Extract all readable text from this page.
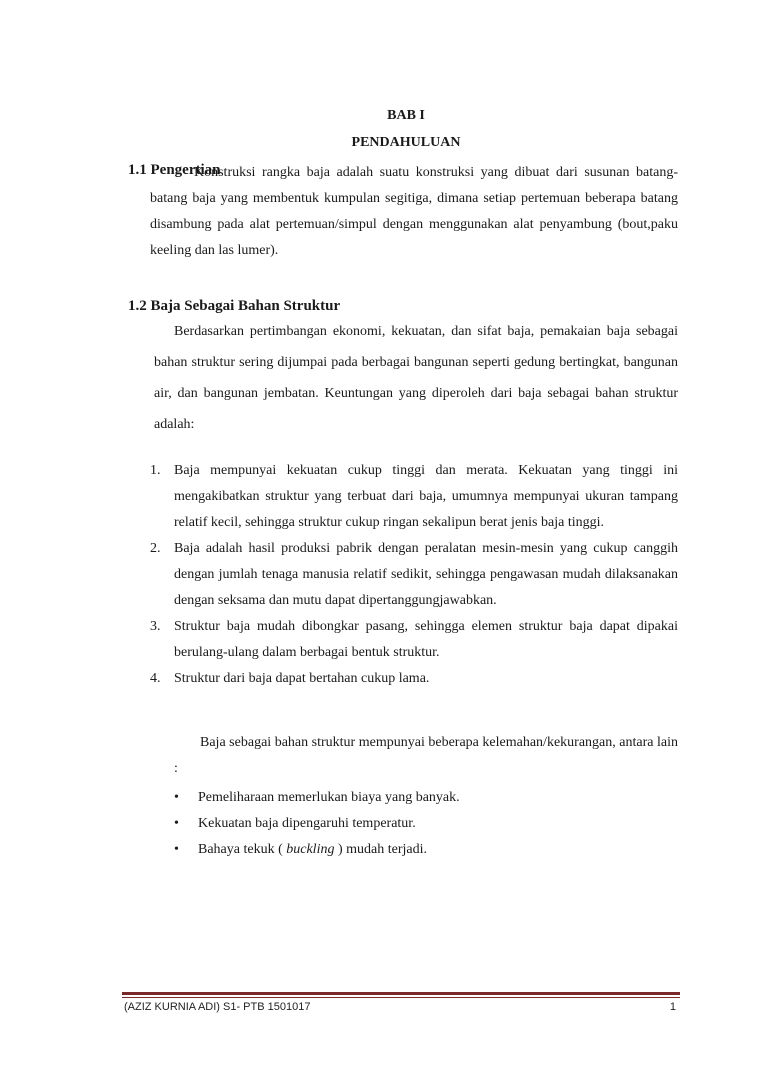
BAB I
PENDAHULUAN
1.1 Pengertian
Konstruksi rangka baja adalah suatu konstruksi yang dibuat dari susunan batang-batang baja yang membentuk kumpulan segitiga, dimana setiap pertemuan beberapa batang disambung pada alat pertemuan/simpul dengan menggunakan alat penyambung (bout,paku keeling dan las lumer).
1.2 Baja Sebagai Bahan Struktur
Berdasarkan pertimbangan ekonomi, kekuatan, dan sifat baja, pemakaian baja sebagai bahan struktur sering dijumpai pada berbagai bangunan seperti gedung bertingkat, bangunan air, dan bangunan jembatan. Keuntungan yang diperoleh dari baja sebagai bahan struktur adalah:
1. Baja mempunyai kekuatan cukup tinggi dan merata. Kekuatan yang tinggi ini mengakibatkan struktur yang terbuat dari baja, umumnya mempunyai ukuran tampang relatif kecil, sehingga struktur cukup ringan sekalipun berat jenis baja tinggi.
2. Baja adalah hasil produksi pabrik dengan peralatan mesin-mesin yang cukup canggih dengan jumlah tenaga manusia relatif sedikit, sehingga pengawasan mudah dilaksanakan dengan seksama dan mutu dapat dipertanggungjawabkan.
3. Struktur baja mudah dibongkar pasang, sehingga elemen struktur baja dapat dipakai berulang-ulang dalam berbagai bentuk struktur.
4. Struktur dari baja dapat bertahan cukup lama.
Baja sebagai bahan struktur mempunyai beberapa kelemahan/kekurangan, antara lain :
• Pemeliharaan memerlukan biaya yang banyak.
• Kekuatan baja dipengaruhi temperatur.
• Bahaya tekuk ( buckling ) mudah terjadi.
(AZIZ KURNIA ADI) S1- PTB 1501017	1
